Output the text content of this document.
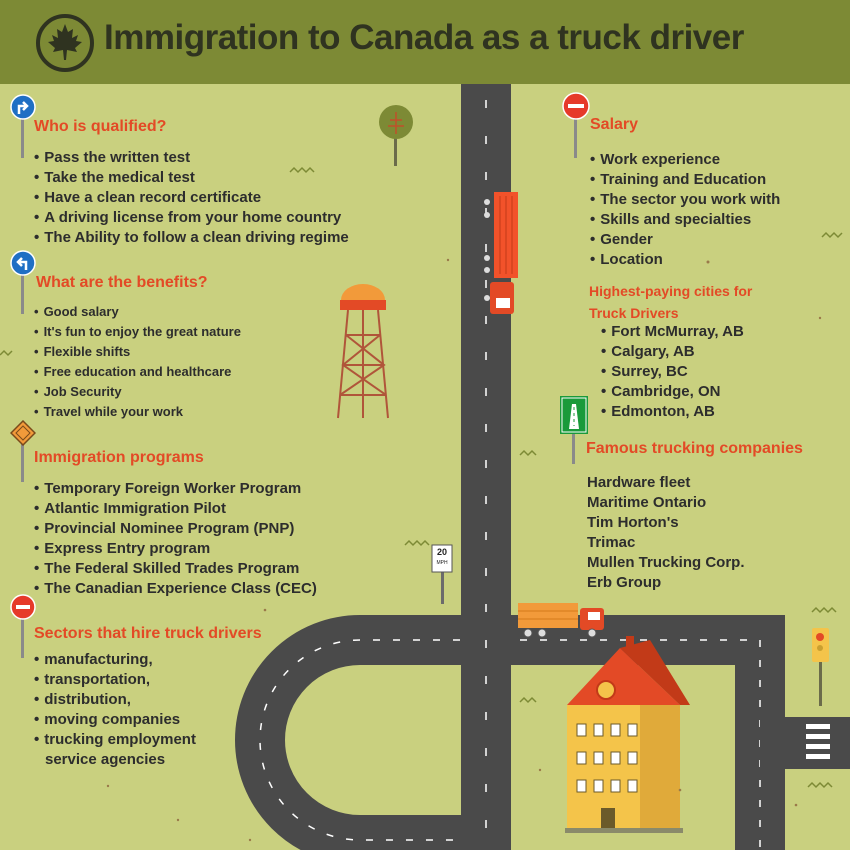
Immigration to Canada as a truck driver
20
MPH
Who is qualified?
• Pass the written test
• Take the medical test
• Have a clean record certificate
• A driving license from your home country
• The Ability to follow a clean driving regime
What are the benefits?
• Good salary
• It's fun to enjoy the great nature
• Flexible shifts
• Free education and healthcare
• Job Security
• Travel while your work
Immigration programs
• Temporary Foreign Worker Program
• Atlantic Immigration Pilot
• Provincial Nominee Program (PNP)
• Express Entry program
• The Federal Skilled Trades Program
• The Canadian Experience Class (CEC)
Sectors that hire truck drivers
• manufacturing,
• transportation,
• distribution,
• moving companies
• trucking employment
service agencies
Salary
• Work experience
• Training and Education
• The sector you work with
• Skills and specialties
• Gender
• Location
Highest-paying cities for
Truck Drivers
• Fort McMurray, AB
• Calgary, AB
• Surrey, BC
• Cambridge, ON
• Edmonton, AB
Famous trucking companies
Hardware fleet
Maritime Ontario
Tim Horton's
Trimac
Mullen Trucking Corp.
Erb Group
